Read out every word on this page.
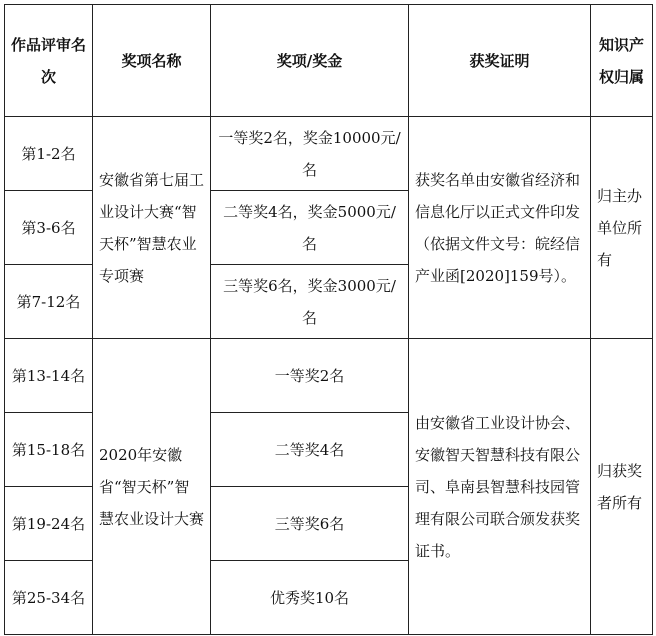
作品评审名次	奖项名称	奖项/奖金	获奖证明	知识产权归属
第1-2名	安徽省第七届工业设计大赛“智天杯”智慧农业专项赛	一等奖2名，奖金10000元/名	获奖名单由安徽省经济和信息化厅以正式文件印发（依据文件文号：皖经信产业函[2020]159号）。	归主办单位所有
第3-6名		二等奖4名，奖金5000元/名		
第7-12名		三等奖6名，奖金3000元/名		
第13-14名	2020年安徽省“智天杯”智慧农业设计大赛	一等奖2名	由安徽省工业设计协会、安徽智天智慧科技有限公司、阜南县智慧科技园管理有限公司联合颁发获奖证书。	归获奖者所有
第15-18名		二等奖4名		
第19-24名		三等奖6名		
第25-34名		优秀奖10名		
